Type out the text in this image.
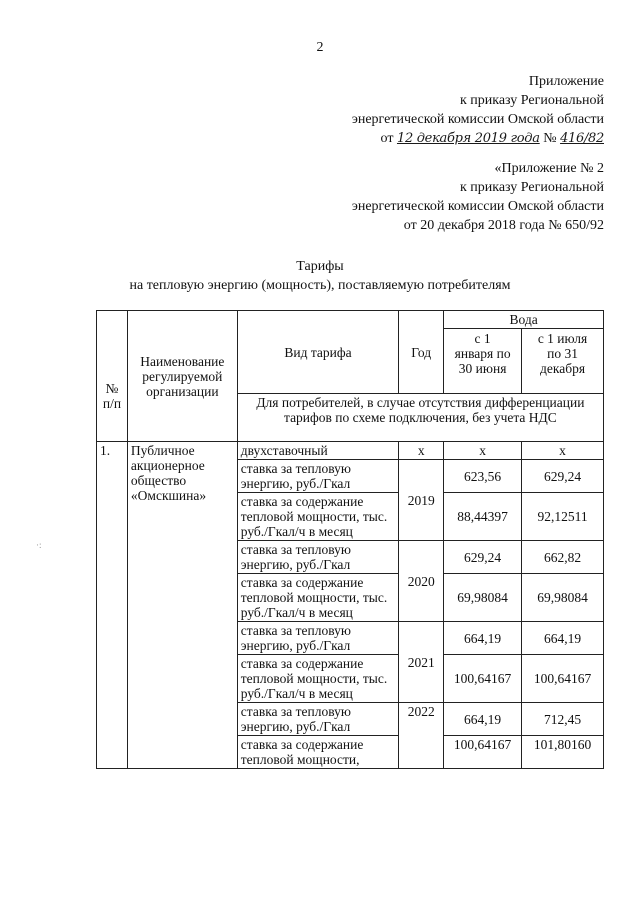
2
Приложение
к приказу Региональной
энергетической комиссии Омской области
от 12 декабря 2019 года № 416/82
«Приложение № 2
к приказу Региональной
энергетической комиссии Омской области
от 20 декабря 2018 года № 650/92
Тарифы
на тепловую энергию (мощность), поставляемую потребителям
·:
№ п/п	Наименование регулируемой организации	Вид тарифа	Год	Вода	
				с 1 января по 30 июня	с 1 июля по 31 декабря
		Для потребителей, в случае отсутствия дифференциации тарифов по схеме подключения, без учета НДС			
1.	Публичное акционерное общество «Омскшина»	двухставочный	х	х	х
		ставка за тепловую энергию, руб./Гкал	2019	623,56	629,24
		ставка за содержание тепловой мощности, тыс. руб./Гкал/ч в месяц		88,44397	92,12511
		ставка за тепловую энергию, руб./Гкал	2020	629,24	662,82
		ставка за содержание тепловой мощности, тыс. руб./Гкал/ч в месяц		69,98084	69,98084
		ставка за тепловую энергию, руб./Гкал	2021	664,19	664,19
		ставка за содержание тепловой мощности, тыс. руб./Гкал/ч в месяц		100,64167	100,64167
		ставка за тепловую энергию, руб./Гкал	2022	664,19	712,45
		ставка за содержание тепловой мощности,		100,64167	101,80160
